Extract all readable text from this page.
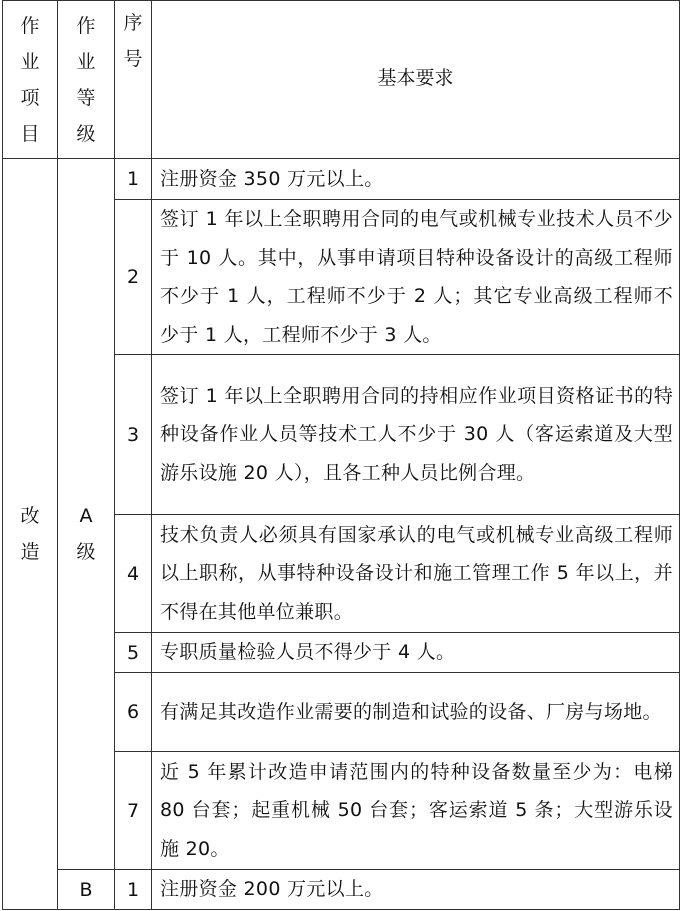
作
业
项
目	作
业
等
级	序
号	基本要求

改
造	A
级	1	注册资金 350 万元以上。
		2	签订 1 年以上全职聘用合同的电气或机械专业技术人员不少于 10 人。其中，从事申请项目特种设备设计的高级工程师不少于 1 人，工程师不少于 2 人；其它专业高级工程师不少于 1 人，工程师不少于 3 人。
		3	签订 1 年以上全职聘用合同的持相应作业项目资格证书的特种设备作业人员等技术工人不少于 30 人（客运索道及大型游乐设施 20 人），且各工种人员比例合理。
		4	技术负责人必须具有国家承认的电气或机械专业高级工程师以上职称，从事特种设备设计和施工管理工作 5 年以上，并不得在其他单位兼职。
		5	专职质量检验人员不得少于 4 人。
		6	有满足其改造作业需要的制造和试验的设备、厂房与场地。
		7	近 5 年累计改造申请范围内的特种设备数量至少为：电梯 80 台套；起重机械 50 台套；客运索道 5 条；大型游乐设施 20。
	B	1	注册资金 200 万元以上。
